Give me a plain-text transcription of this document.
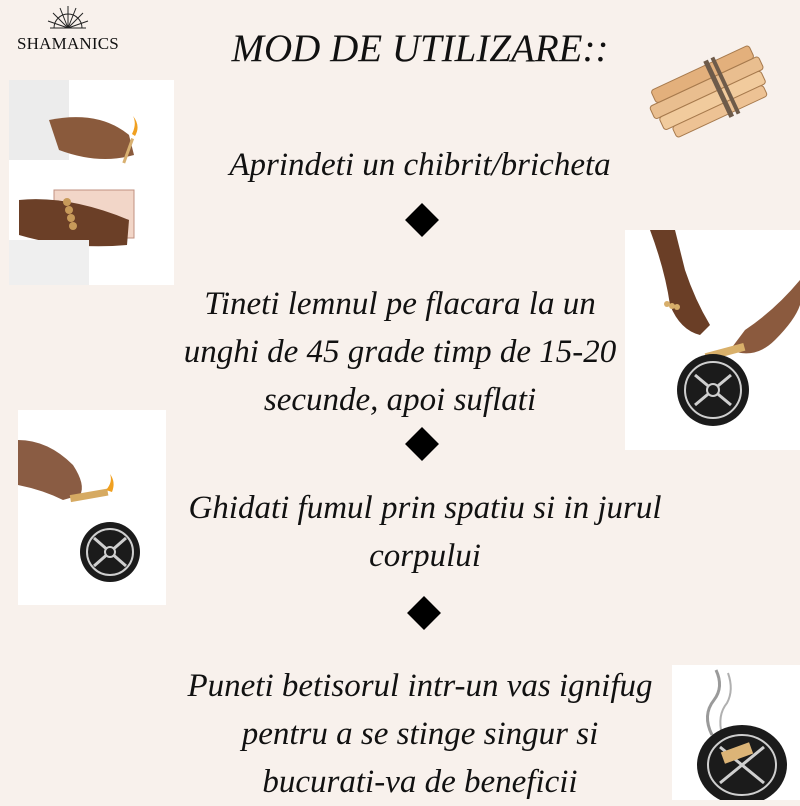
SHAMANICS	MOD DE UTILIZARE::
Aprindeti un chibrit/bricheta
Tineti lemnul pe flacara la un unghi de 45 grade timp de 15-20 secunde, apoi suflati
Ghidati fumul prin spatiu si in jurul corpului
Puneti betisorul intr-un vas ignifug pentru a se stinge singur si bucurati-va de beneficii
